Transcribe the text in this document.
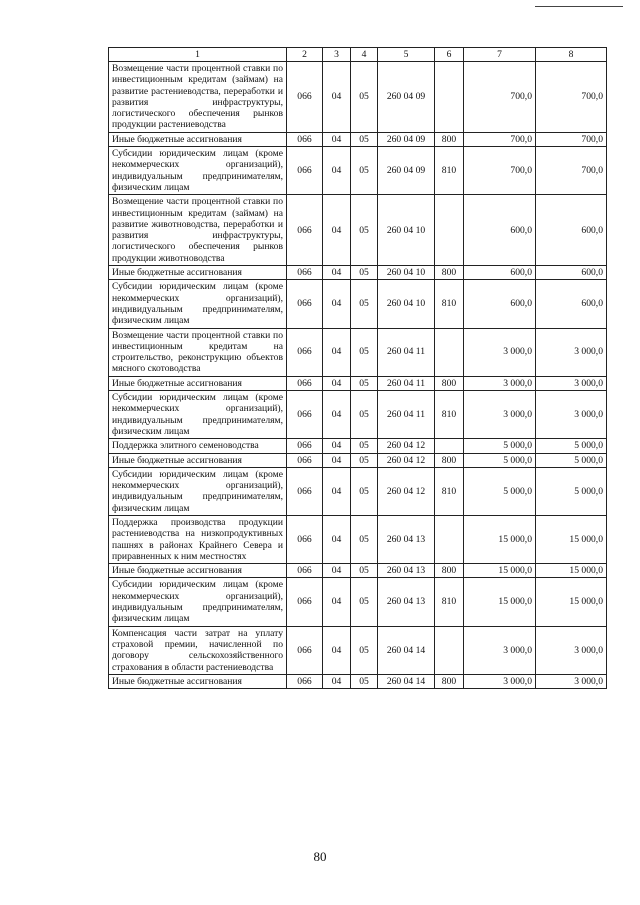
1	2	3	4	5	6	7	8
Возмещение части процентной ставки по инвестиционным кредитам (займам) на развитие растениеводства, переработки и развития инфраструктуры, логистического обеспечения рынков продукции растениеводства	066	04	05	260 04 09		700,0	700,0
Иные бюджетные ассигнования	066	04	05	260 04 09	800	700,0	700,0
Субсидии юридическим лицам (кроме некоммерческих организаций), индивидуальным предпринимателям, физическим лицам	066	04	05	260 04 09	810	700,0	700,0
Возмещение части процентной ставки по инвестиционным кредитам (займам) на развитие животноводства, переработки и развития инфраструктуры, логистического обеспечения рынков продукции животноводства	066	04	05	260 04 10		600,0	600,0
Иные бюджетные ассигнования	066	04	05	260 04 10	800	600,0	600,0
Субсидии юридическим лицам (кроме некоммерческих организаций), индивидуальным предпринимателям, физическим лицам	066	04	05	260 04 10	810	600,0	600,0
Возмещение части процентной ставки по инвестиционным кредитам на строительство, реконструкцию объектов мясного скотоводства	066	04	05	260 04 11		3 000,0	3 000,0
Иные бюджетные ассигнования	066	04	05	260 04 11	800	3 000,0	3 000,0
Субсидии юридическим лицам (кроме некоммерческих организаций), индивидуальным предпринимателям, физическим лицам	066	04	05	260 04 11	810	3 000,0	3 000,0
Поддержка элитного семеноводства	066	04	05	260 04 12		5 000,0	5 000,0
Иные бюджетные ассигнования	066	04	05	260 04 12	800	5 000,0	5 000,0
Субсидии юридическим лицам (кроме некоммерческих организаций), индивидуальным предпринимателям, физическим лицам	066	04	05	260 04 12	810	5 000,0	5 000,0
Поддержка производства продукции растениеводства на низкопродуктивных пашнях в районах Крайнего Севера и приравненных к ним местностях	066	04	05	260 04 13		15 000,0	15 000,0
Иные бюджетные ассигнования	066	04	05	260 04 13	800	15 000,0	15 000,0
Субсидии юридическим лицам (кроме некоммерческих организаций), индивидуальным предпринимателям, физическим лицам	066	04	05	260 04 13	810	15 000,0	15 000,0
Компенсация части затрат на уплату страховой премии, начисленной по договору сельскохозяйственного страхования в области растениеводства	066	04	05	260 04 14		3 000,0	3 000,0
Иные бюджетные ассигнования	066	04	05	260 04 14	800	3 000,0	3 000,0
80
